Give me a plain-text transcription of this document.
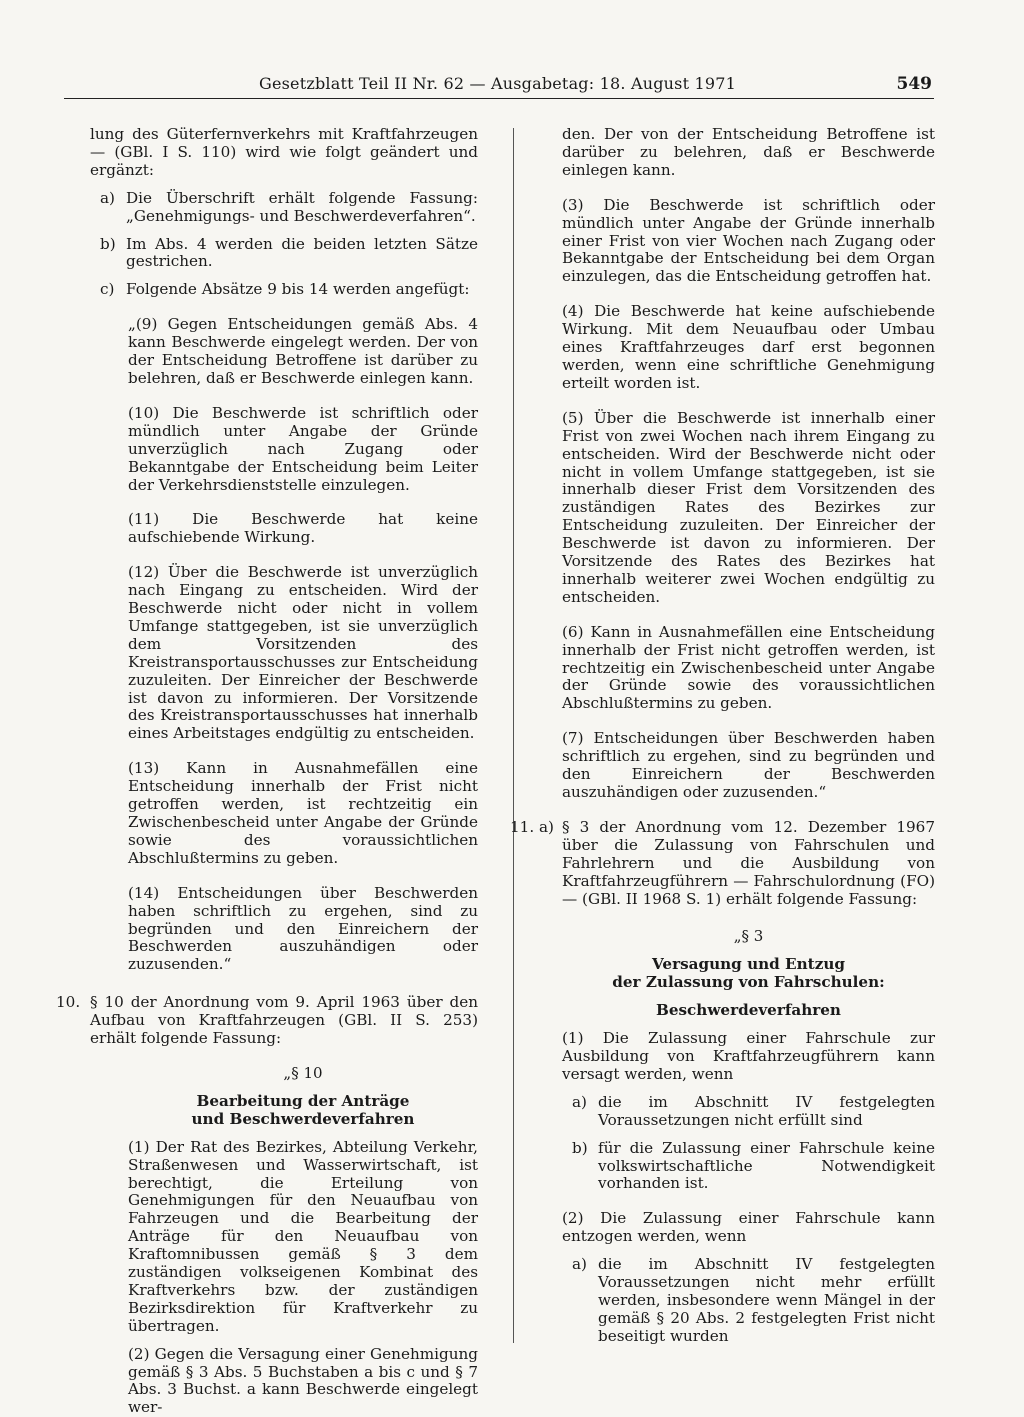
Gesetzblatt Teil II Nr. 62 — Ausgabetag: 18. August 1971	549

lung des Güterfernverkehrs mit Kraftfahrzeugen — (GBl. I S. 110) wird wie folgt geändert und ergänzt:

a) Die Überschrift erhält folgende Fassung: „Genehmigungs- und Beschwerdeverfahren“.
b) Im Abs. 4 werden die beiden letzten Sätze gestrichen.
c) Folgende Absätze 9 bis 14 werden angefügt:

„(9) Gegen Entscheidungen gemäß Abs. 4 kann Beschwerde eingelegt werden. Der von der Entscheidung Betroffene ist darüber zu belehren, daß er Beschwerde einlegen kann.

(10) Die Beschwerde ist schriftlich oder mündlich unter Angabe der Gründe unverzüglich nach Zugang oder Bekanntgabe der Entscheidung beim Leiter der Verkehrsdienststelle einzulegen.

(11) Die Beschwerde hat keine aufschiebende Wirkung.

(12) Über die Beschwerde ist unverzüglich nach Eingang zu entscheiden. Wird der Beschwerde nicht oder nicht in vollem Umfange stattgegeben, ist sie unverzüglich dem Vorsitzenden des Kreistransportausschusses zur Entscheidung zuzuleiten. Der Einreicher der Beschwerde ist davon zu informieren. Der Vorsitzende des Kreistransportausschusses hat innerhalb eines Arbeitstages endgültig zu entscheiden.

(13) Kann in Ausnahmefällen eine Entscheidung innerhalb der Frist nicht getroffen werden, ist rechtzeitig ein Zwischenbescheid unter Angabe der Gründe sowie des voraussichtlichen Abschlußtermins zu geben.

(14) Entscheidungen über Beschwerden haben schriftlich zu ergehen, sind zu begründen und den Einreichern der Beschwerden auszuhändigen oder zuzusenden.“

10. § 10 der Anordnung vom 9. April 1963 über den Aufbau von Kraftfahrzeugen (GBl. II S. 253) erhält folgende Fassung:
„§ 10
Bearbeitung der Anträge
und Beschwerdeverfahren

(1) Der Rat des Bezirkes, Abteilung Verkehr, Straßenwesen und Wasserwirtschaft, ist berechtigt, die Erteilung von Genehmigungen für den Neuaufbau von Fahrzeugen und die Bearbeitung der Anträge für den Neuaufbau von Kraftomnibussen gemäß § 3 dem zuständigen volkseigenen Kombinat des Kraftverkehrs bzw. der zuständigen Bezirksdirektion für Kraftverkehr zu übertragen.

(2) Gegen die Versagung einer Genehmigung gemäß § 3 Abs. 5 Buchstaben a bis c und § 7 Abs. 3 Buchst. a kann Beschwerde eingelegt wer-

den. Der von der Entscheidung Betroffene ist darüber zu belehren, daß er Beschwerde einlegen kann.

(3) Die Beschwerde ist schriftlich oder mündlich unter Angabe der Gründe innerhalb einer Frist von vier Wochen nach Zugang oder Bekanntgabe der Entscheidung bei dem Organ einzulegen, das die Entscheidung getroffen hat.

(4) Die Beschwerde hat keine aufschiebende Wirkung. Mit dem Neuaufbau oder Umbau eines Kraftfahrzeuges darf erst begonnen werden, wenn eine schriftliche Genehmigung erteilt worden ist.

(5) Über die Beschwerde ist innerhalb einer Frist von zwei Wochen nach ihrem Eingang zu entscheiden. Wird der Beschwerde nicht oder nicht in vollem Umfange stattgegeben, ist sie innerhalb dieser Frist dem Vorsitzenden des zuständigen Rates des Bezirkes zur Entscheidung zuzuleiten. Der Einreicher der Beschwerde ist davon zu informieren. Der Vorsitzende des Rates des Bezirkes hat innerhalb weiterer zwei Wochen endgültig zu entscheiden.

(6) Kann in Ausnahmefällen eine Entscheidung innerhalb der Frist nicht getroffen werden, ist rechtzeitig ein Zwischenbescheid unter Angabe der Gründe sowie des voraussichtlichen Abschlußtermins zu geben.

(7) Entscheidungen über Beschwerden haben schriftlich zu ergehen, sind zu begründen und den Einreichern der Beschwerden auszuhändigen oder zuzusenden.“

11. a) § 3 der Anordnung vom 12. Dezember 1967 über die Zulassung von Fahrschulen und Fahrlehrern und die Ausbildung von Kraftfahrzeugführern — Fahrschulordnung (FO) — (GBl. II 1968 S. 1) erhält folgende Fassung:
„§ 3
Versagung und Entzug
der Zulassung von Fahrschulen:
Beschwerdeverfahren

(1) Die Zulassung einer Fahrschule zur Ausbildung von Kraftfahrzeugführern kann versagt werden, wenn

a) die im Abschnitt IV festgelegten Voraussetzungen nicht erfüllt sind
b) für die Zulassung einer Fahrschule keine volkswirtschaftliche Notwendigkeit vorhanden ist.

(2) Die Zulassung einer Fahrschule kann entzogen werden, wenn

a) die im Abschnitt IV festgelegten Voraussetzungen nicht mehr erfüllt werden, insbesondere wenn Mängel in der gemäß § 20 Abs. 2 festgelegten Frist nicht beseitigt wurden
